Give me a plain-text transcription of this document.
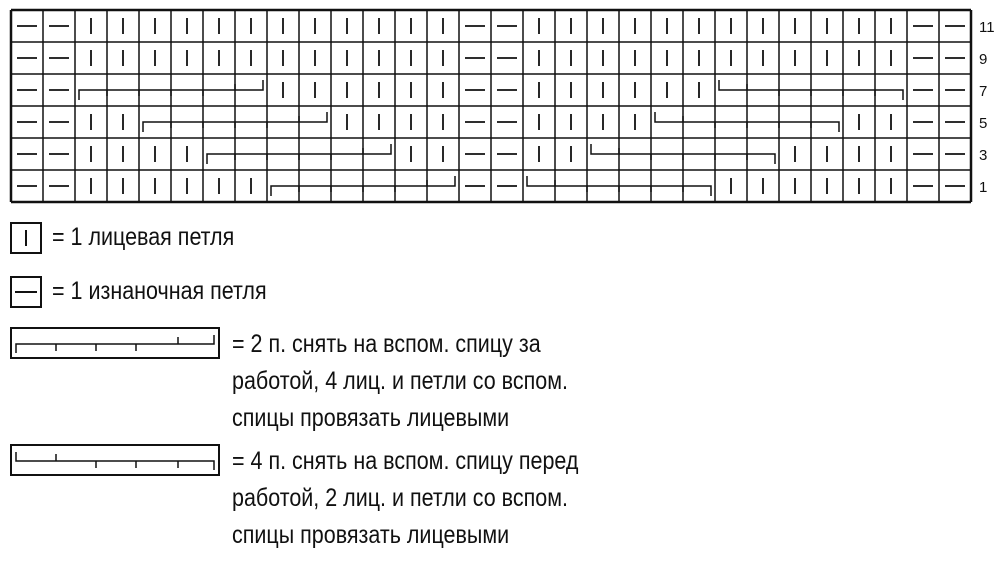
11
9
7
5
3
1
= 1 лицевая петля
= 1 изнаночная петля
= 2 п. снять на вспом. спицу за
работой, 4 лиц. и петли со вспом.
спицы провязать лицевыми
= 4 п. снять на вспом. спицу перед
работой, 2 лиц. и петли со вспом.
спицы провязать лицевыми
